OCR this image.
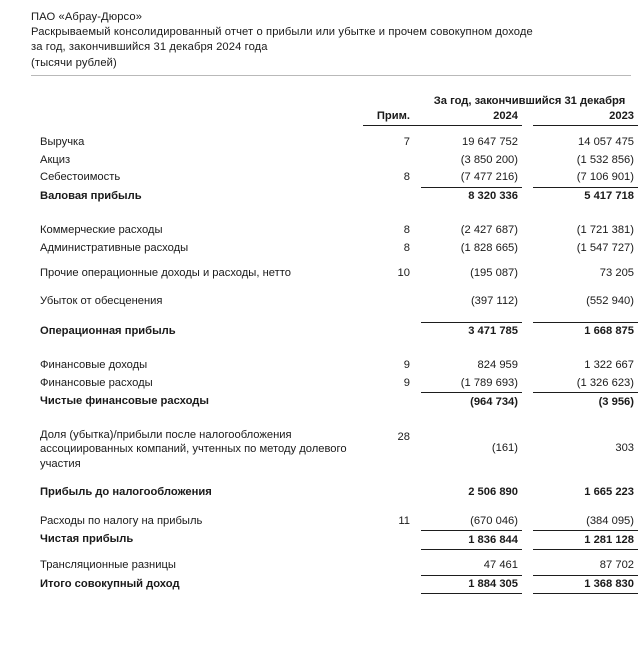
ПАО «Абрау-Дюрсо»
Раскрываемый консолидированный отчет о прибыли или убытке и прочем совокупном доходе
за год, закончившийся 31 декабря 2024 года
(тысячи рублей)
		За год, закончившийся 31 декабря		
	Прим.	2024		2023

Выручка	7	19 647 752		14 057 475
Акциз		(3 850 200)		(1 532 856)
Себестоимость	8	(7 477 216)		(7 106 901)
Валовая прибыль		8 320 336		5 417 718

Коммерческие расходы	8	(2 427 687)		(1 721 381)
Административные расходы	8	(1 828 665)		(1 547 727)

Прочие операционные доходы и расходы, нетто	10	(195 087)		73 205

Убыток от обесценения		(397 112)		(552 940)

Операционная прибыль		3 471 785		1 668 875

Финансовые доходы	9	824 959		1 322 667
Финансовые расходы	9	(1 789 693)		(1 326 623)
Чистые финансовые расходы		(964 734)		(3 956)

Доля (убытка)/прибыли после налогообложения ассоциированных компаний, учтенных по методу долевого участия	28	(161)		303

Прибыль до налогообложения		2 506 890		1 665 223

Расходы по налогу на прибыль	11	(670 046)		(384 095)
Чистая прибыль		1 836 844		1 281 128

Трансляционные разницы		47 461		87 702
Итого совокупный доход		1 884 305		1 368 830
